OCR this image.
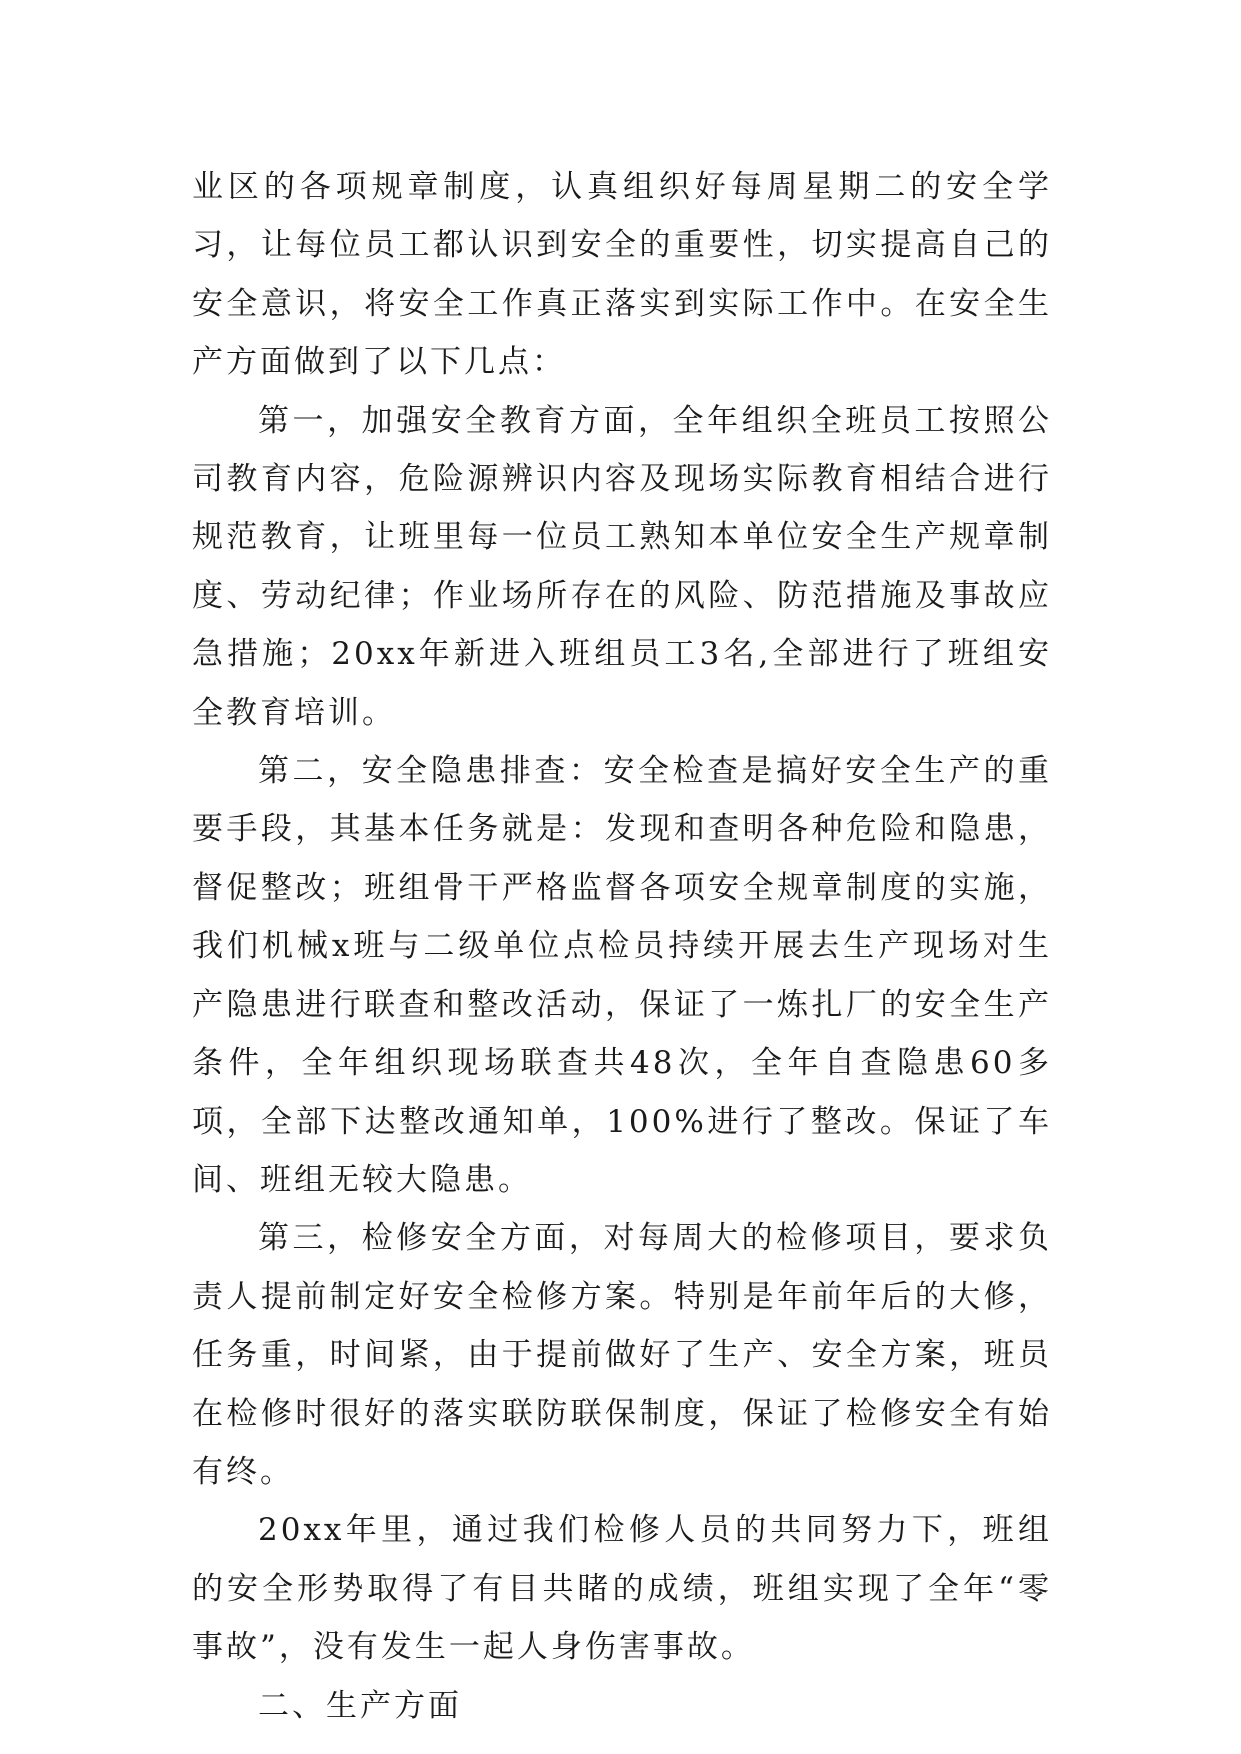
业区的各项规章制度，认真组织好每周星期二的安全学习，让每位员工都认识到安全的重要性，切实提高自己的安全意识，将安全工作真正落实到实际工作中。在安全生产方面做到了以下几点：

第一，加强安全教育方面，全年组织全班员工按照公司教育内容，危险源辨识内容及现场实际教育相结合进行规范教育，让班里每一位员工熟知本单位安全生产规章制度、劳动纪律；作业场所存在的风险、防范措施及事故应急措施；20xx年新进入班组员工3名,全部进行了班组安全教育培训。

第二，安全隐患排查：安全检查是搞好安全生产的重要手段，其基本任务就是：发现和查明各种危险和隐患，督促整改；班组骨干严格监督各项安全规章制度的实施，我们机械x班与二级单位点检员持续开展去生产现场对生产隐患进行联查和整改活动，保证了一炼扎厂的安全生产条件，全年组织现场联查共48次，全年自查隐患60多项，全部下达整改通知单，100%进行了整改。保证了车间、班组无较大隐患。

第三，检修安全方面，对每周大的检修项目，要求负责人提前制定好安全检修方案。特别是年前年后的大修，任务重，时间紧，由于提前做好了生产、安全方案，班员在检修时很好的落实联防联保制度，保证了检修安全有始有终。

20xx年里，通过我们检修人员的共同努力下，班组的安全形势取得了有目共睹的成绩，班组实现了全年“零事故”，没有发生一起人身伤害事故。

二、生产方面
